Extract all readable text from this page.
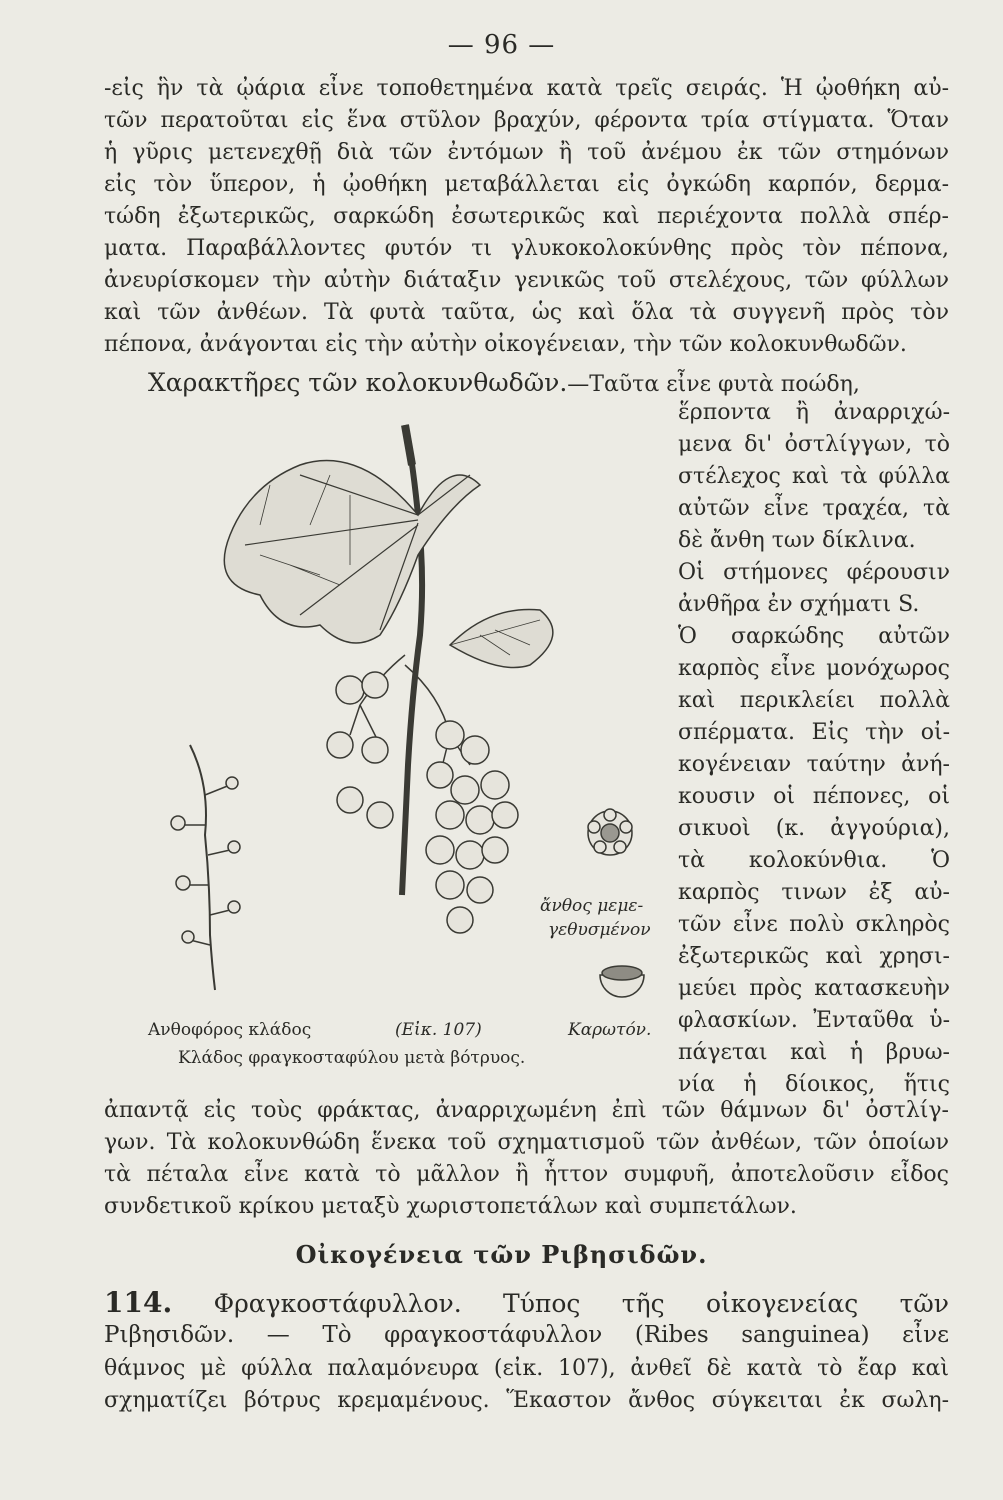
— 96 —
-εἰς ἣν τὰ ᾠάρια εἶνε τοποθετημένα κατὰ τρεῖς σειράς. Ἡ ᾠοθήκη αὐ-
τῶν περατοῦται εἰς ἕνα στῦλον βραχύν, φέροντα τρία στίγματα. Ὅταν
ἡ γῦρις μετενεχθῇ διὰ τῶν ἐντόμων ἢ τοῦ ἀνέμου ἐκ τῶν στημόνων
εἰς τὸν ὕπερον, ἡ ᾠοθήκη μεταβάλλεται εἰς ὀγκώδη καρπόν, δερμα-
τώδη ἐξωτερικῶς, σαρκώδη ἐσωτερικῶς καὶ περιέχοντα πολλὰ σπέρ-
ματα. Παραβάλλοντες φυτόν τι γλυκοκολοκύνθης πρὸς τὸν πέπονα,
ἀνευρίσκομεν τὴν αὐτὴν διάταξιν γενικῶς τοῦ στελέχους, τῶν φύλλων
καὶ τῶν ἀνθέων. Τὰ φυτὰ ταῦτα, ὡς καὶ ὅλα τὰ συγγενῆ πρὸς τὸν
πέπονα, ἀνάγονται εἰς τὴν αὐτὴν οἰκογένειαν, τὴν τῶν κολοκυνθωδῶν.
Χαρακτῆρες τῶν κολοκυνθωδῶν.—Ταῦτα εἶνε φυτὰ ποώδη,
ἕρποντα ἢ ἀναρριχώ-
μενα δι' ὀστλίγγων, τὸ
στέλεχος καὶ τὰ φύλλα
αὐτῶν εἶνε τραχέα, τὰ
δὲ ἄνθη των δίκλινα.
Οἱ στήμονες φέρουσιν
ἀνθῆρα ἐν σχήματι S.
Ὁ σαρκώδης αὐτῶν
καρπὸς εἶνε μονόχωρος
καὶ περικλείει πολλὰ
σπέρματα. Εἰς τὴν οἰ-
κογένειαν ταύτην ἀνή-
κουσιν οἱ πέπονες, οἱ
σικυοὶ (κ. ἀγγούρια),
τὰ κολοκύνθια. Ὁ
καρπὸς τινων ἐξ αὐ-
τῶν εἶνε πολὺ σκληρὸς
ἐξωτερικῶς καὶ χρησι-
μεύει πρὸς κατασκευὴν
φλασκίων. Ἐνταῦθα ὑ-
πάγεται καὶ ἡ βρυω-
νία ἡ δίοικος, ἥτις
ἄνθος μεμε-
γεθυσμένον
Ανθοφόρος κλάδος	(Εἰκ. 107)	Καρωτόν.
Κλάδος φραγκοσταφύλου μετὰ βότρυος.
ἀπαντᾷ εἰς τοὺς φράκτας, ἀναρριχωμένη ἐπὶ τῶν θάμνων δι' ὀστλίγ-
γων. Τὰ κολοκυνθώδη ἕνεκα τοῦ σχηματισμοῦ τῶν ἀνθέων, τῶν ὁποίων
τὰ πέταλα εἶνε κατὰ τὸ μᾶλλον ἢ ἧττον συμφυῆ, ἀποτελοῦσιν εἶδος
συνδετικοῦ κρίκου μεταξὺ χωριστοπετάλων καὶ συμπετάλων.
Οἰκογένεια τῶν Ριβησιδῶν.
114. Φραγκοστάφυλλον. Τύπος τῆς οἰκογενείας τῶν
Ριβησιδῶν. — Τὸ φραγκοστάφυλλον (Ribes sanguinea) εἶνε
θάμνος μὲ φύλλα παλαμόνευρα (εἰκ. 107), ἀνθεῖ δὲ κατὰ τὸ ἔαρ καὶ
σχηματίζει βότρυς κρεμαμένους. Ἕκαστον ἄνθος σύγκειται ἐκ σωλη-
